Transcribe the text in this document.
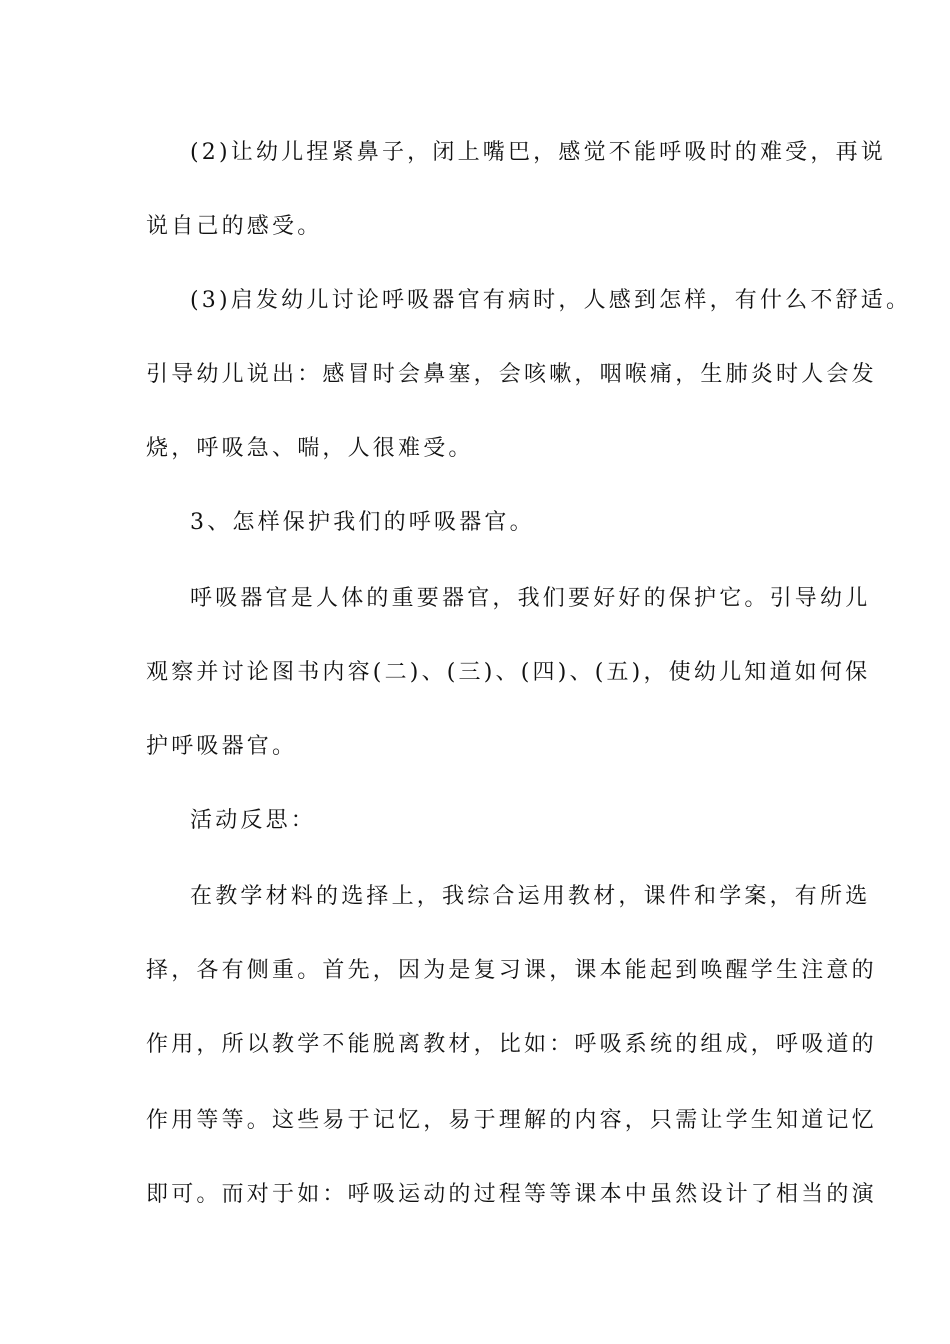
(2)让幼儿捏紧鼻子，闭上嘴巴，感觉不能呼吸时的难受，再说
说自己的感受。
(3)启发幼儿讨论呼吸器官有病时，人感到怎样，有什么不舒适。
引导幼儿说出：感冒时会鼻塞，会咳嗽，咽喉痛，生肺炎时人会发
烧，呼吸急、喘，人很难受。
3、怎样保护我们的呼吸器官。
呼吸器官是人体的重要器官，我们要好好的保护它。引导幼儿
观察并讨论图书内容(二)、(三)、(四)、(五)，使幼儿知道如何保
护呼吸器官。
活动反思：
在教学材料的选择上，我综合运用教材，课件和学案，有所选
择，各有侧重。首先，因为是复习课，课本能起到唤醒学生注意的
作用，所以教学不能脱离教材，比如：呼吸系统的组成，呼吸道的
作用等等。这些易于记忆，易于理解的内容，只需让学生知道记忆
即可。而对于如：呼吸运动的过程等等课本中虽然设计了相当的演
